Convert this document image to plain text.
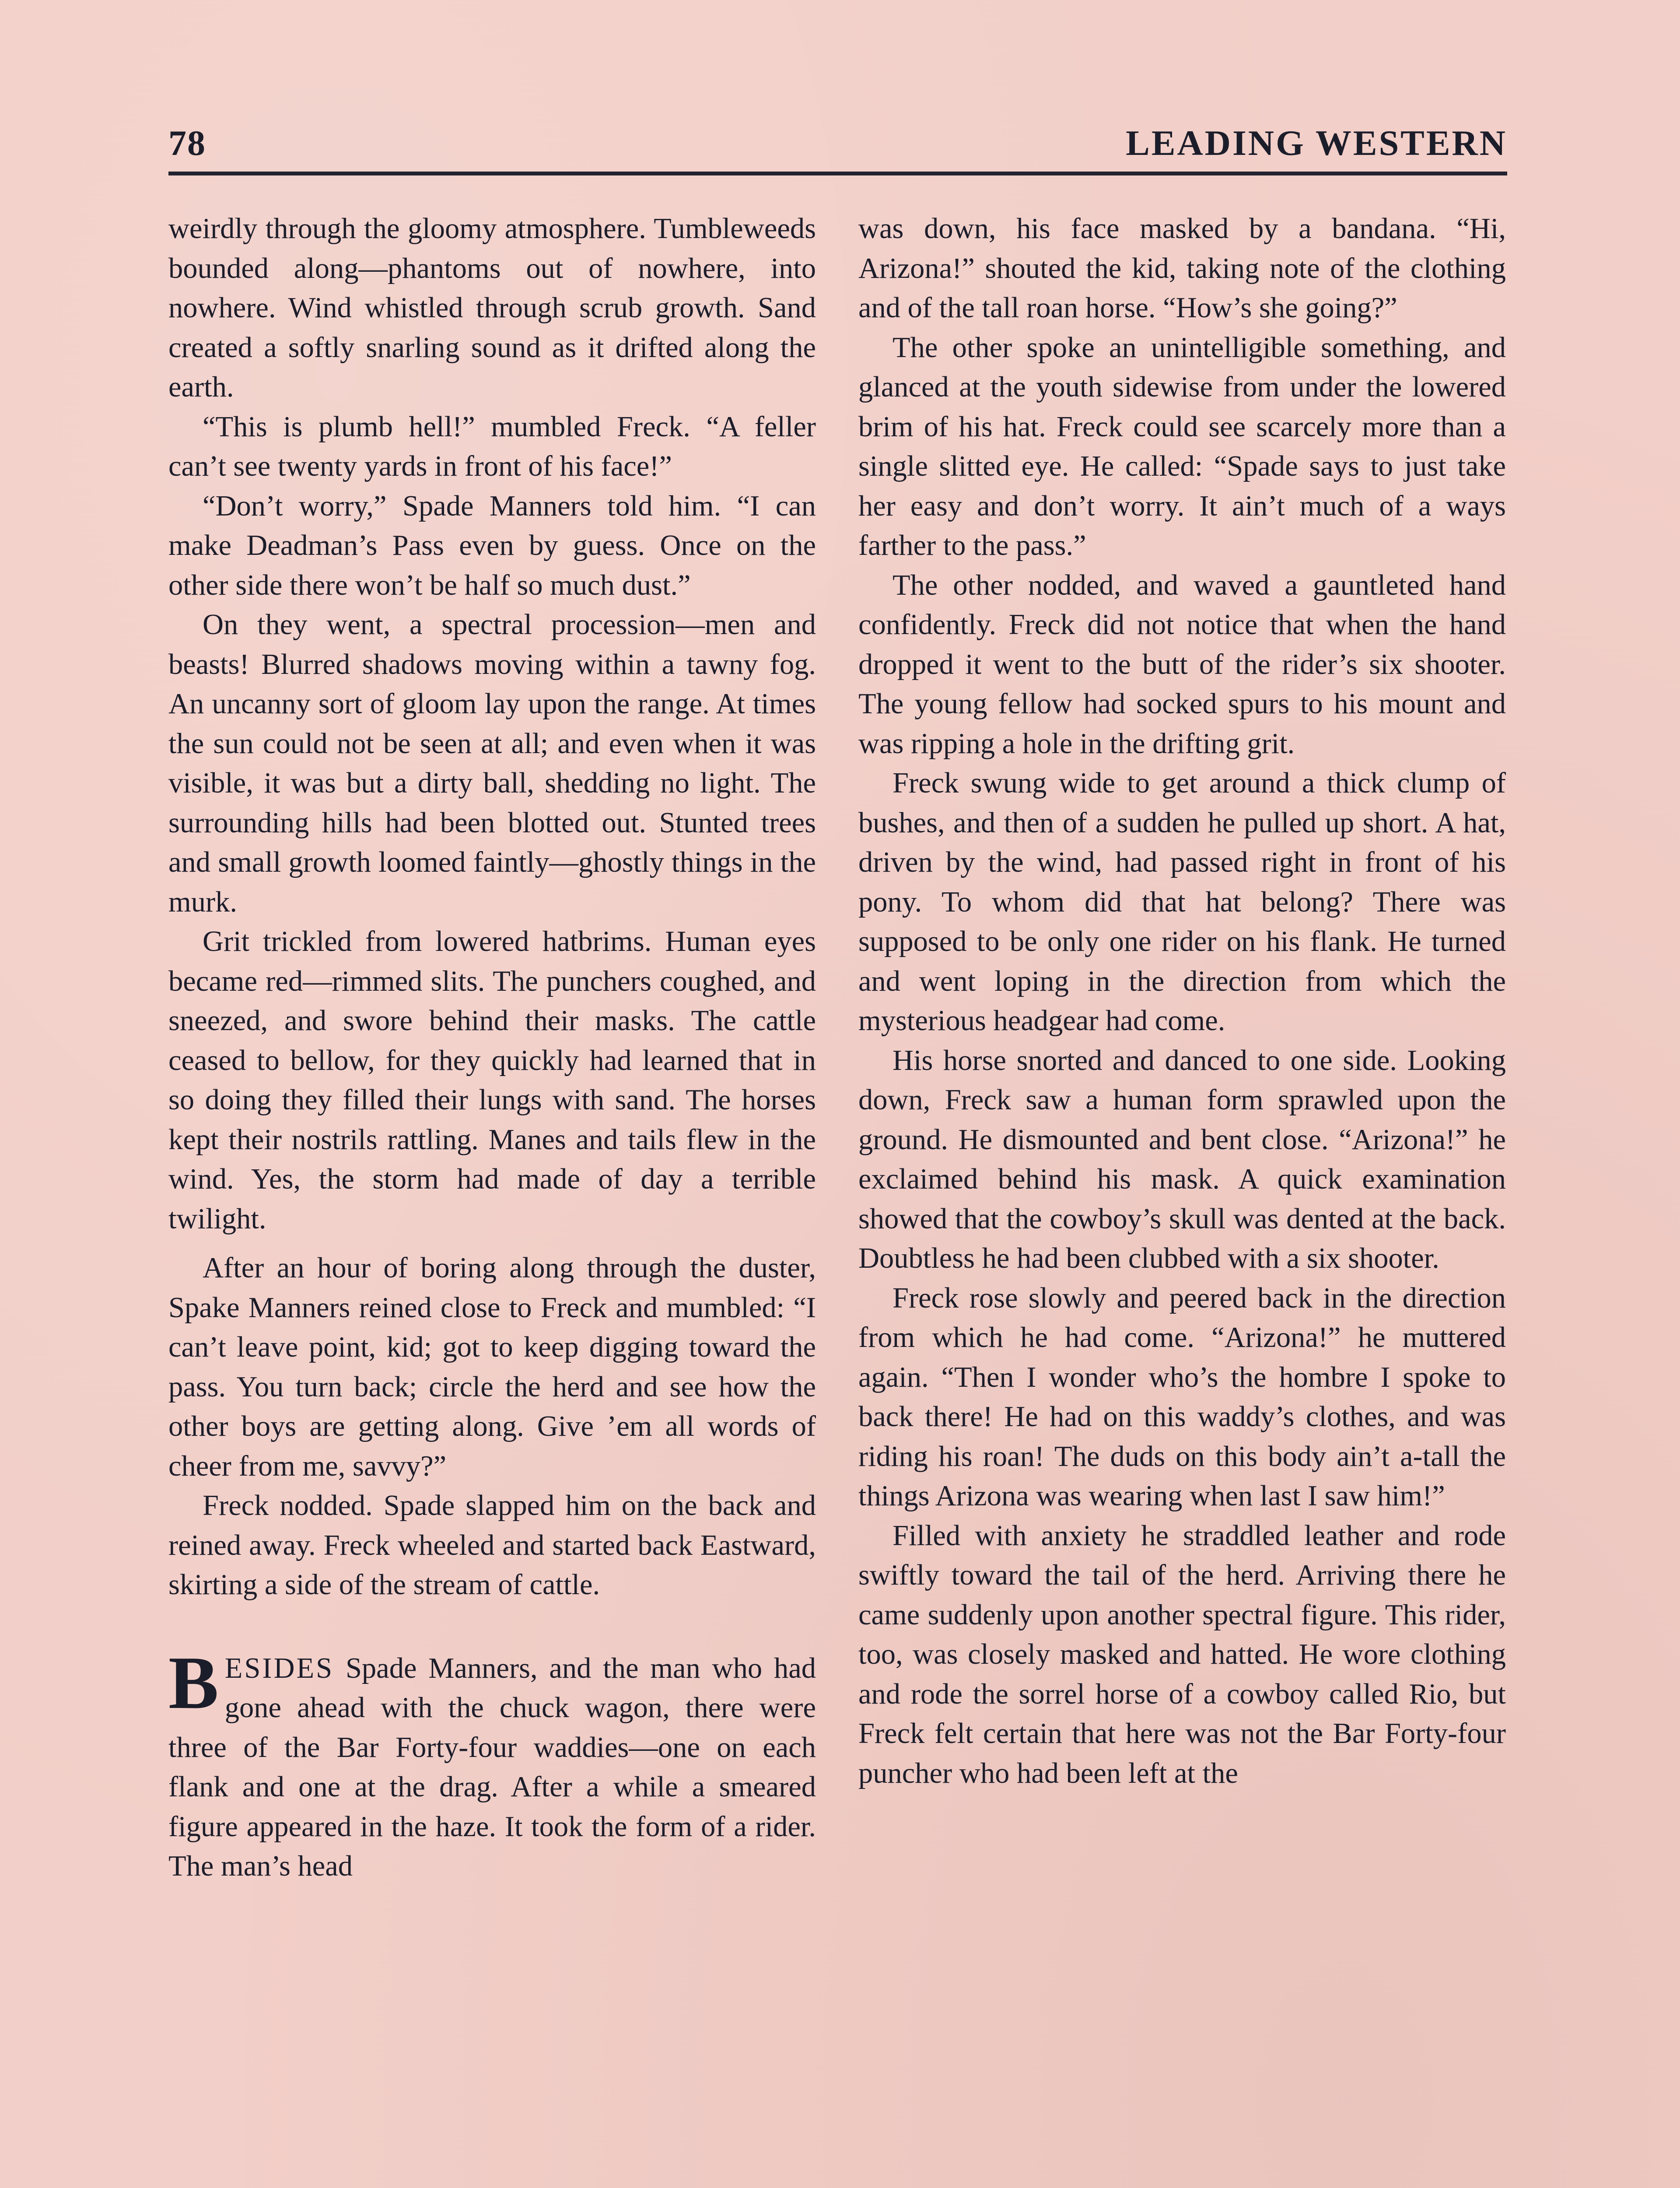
78	LEADING WESTERN

weirdly through the gloomy atmosphere. Tumbleweeds bounded along—phantoms out of nowhere, into nowhere. Wind whistled through scrub growth. Sand created a softly snarling sound as it drifted along the earth.

“This is plumb hell!” mumbled Freck. “A feller can’t see twenty yards in front of his face!”

“Don’t worry,” Spade Manners told him. “I can make Deadman’s Pass even by guess. Once on the other side there won’t be half so much dust.”

On they went, a spectral procession—men and beasts! Blurred shadows moving within a tawny fog. An uncanny sort of gloom lay upon the range. At times the sun could not be seen at all; and even when it was visible, it was but a dirty ball, shedding no light. The surrounding hills had been blotted out. Stunted trees and small growth loomed faintly—ghostly things in the murk.

Grit trickled from lowered hatbrims. Human eyes became red—rimmed slits. The punchers coughed, and sneezed, and swore behind their masks. The cattle ceased to bellow, for they quickly had learned that in so doing they filled their lungs with sand. The horses kept their nostrils rattling. Manes and tails flew in the wind. Yes, the storm had made of day a terrible twilight.

After an hour of boring along through the duster, Spake Manners reined close to Freck and mumbled: “I can’t leave point, kid; got to keep digging toward the pass. You turn back; circle the herd and see how the other boys are getting along. Give ’em all words of cheer from me, savvy?”

Freck nodded. Spade slapped him on the back and reined away. Freck wheeled and started back Eastward, skirting a side of the stream of cattle.

BESIDES Spade Manners, and the man who had gone ahead with the chuck wagon, there were three of the Bar Forty-four waddies—one on each flank and one at the drag. After a while a smeared figure appeared in the haze. It took the form of a rider. The man’s head

was down, his face masked by a bandana. “Hi, Arizona!” shouted the kid, taking note of the clothing and of the tall roan horse. “How’s she going?”

The other spoke an unintelligible something, and glanced at the youth sidewise from under the lowered brim of his hat. Freck could see scarcely more than a single slitted eye. He called: “Spade says to just take her easy and don’t worry. It ain’t much of a ways farther to the pass.”

The other nodded, and waved a gauntleted hand confidently. Freck did not notice that when the hand dropped it went to the butt of the rider’s six shooter. The young fellow had socked spurs to his mount and was ripping a hole in the drifting grit.

Freck swung wide to get around a thick clump of bushes, and then of a sudden he pulled up short. A hat, driven by the wind, had passed right in front of his pony. To whom did that hat belong? There was supposed to be only one rider on his flank. He turned and went loping in the direction from which the mysterious headgear had come.

His horse snorted and danced to one side. Looking down, Freck saw a human form sprawled upon the ground. He dismounted and bent close. “Arizona!” he exclaimed behind his mask. A quick examination showed that the cowboy’s skull was dented at the back. Doubtless he had been clubbed with a six shooter.

Freck rose slowly and peered back in the direction from which he had come. “Arizona!” he muttered again. “Then I wonder who’s the hombre I spoke to back there! He had on this waddy’s clothes, and was riding his roan! The duds on this body ain’t a-tall the things Arizona was wearing when last I saw him!”

Filled with anxiety he straddled leather and rode swiftly toward the tail of the herd. Arriving there he came suddenly upon another spectral figure. This rider, too, was closely masked and hatted. He wore clothing and rode the sorrel horse of a cowboy called Rio, but Freck felt certain that here was not the Bar Forty-four puncher who had been left at the
